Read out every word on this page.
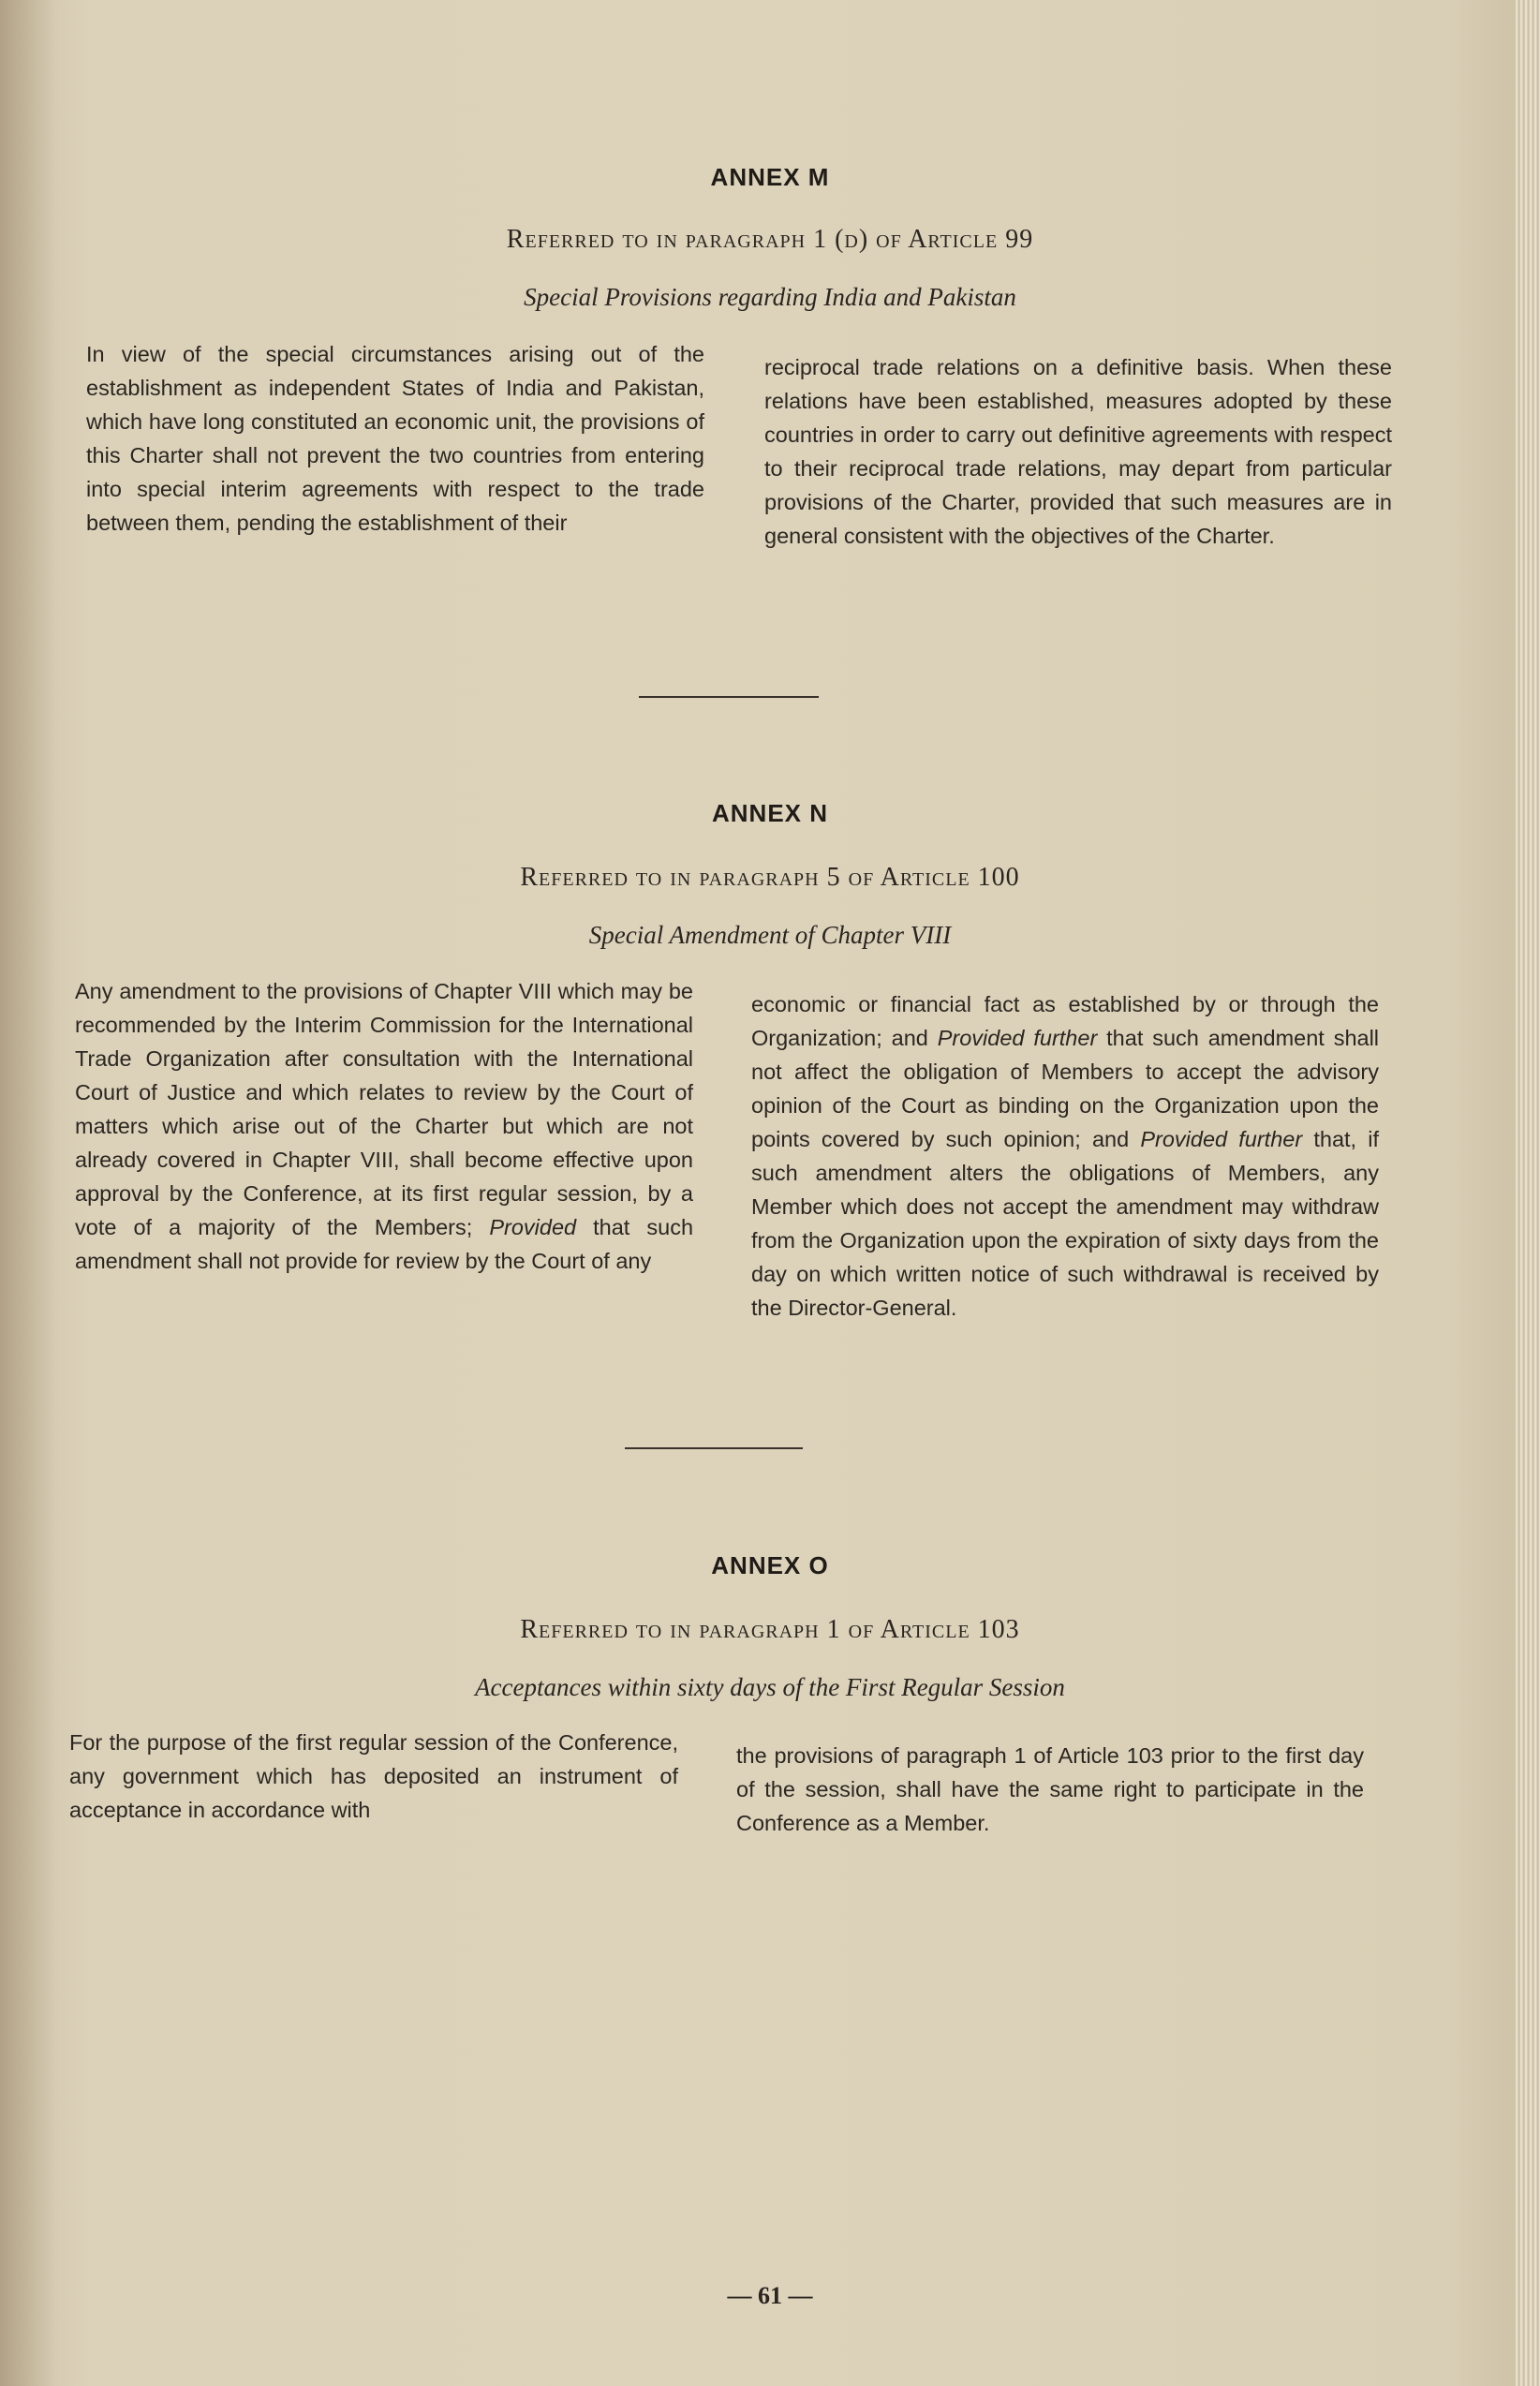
ANNEX M
Referred to in paragraph 1 (d) of Article 99
Special Provisions regarding India and Pakistan
In view of the special circumstances arising out of the establishment as independent States of India and Pakistan, which have long constituted an economic unit, the provisions of this Charter shall not prevent the two countries from entering into special interim agreements with respect to the trade between them, pending the establishment of their
reciprocal trade relations on a definitive basis. When these relations have been established, measures adopted by these countries in order to carry out definitive agreements with respect to their reciprocal trade relations, may depart from particular provisions of the Charter, provided that such measures are in general consistent with the objectives of the Charter.
ANNEX N
Referred to in paragraph 5 of Article 100
Special Amendment of Chapter VIII
Any amendment to the provisions of Chapter VIII which may be recommended by the Interim Commission for the International Trade Organization after consultation with the International Court of Justice and which relates to review by the Court of matters which arise out of the Charter but which are not already covered in Chapter VIII, shall become effective upon approval by the Conference, at its first regular session, by a vote of a majority of the Members; Provided that such amendment shall not provide for review by the Court of any
economic or financial fact as established by or through the Organization; and Provided further that such amendment shall not affect the obligation of Members to accept the advisory opinion of the Court as binding on the Organization upon the points covered by such opinion; and Provided further that, if such amendment alters the obligations of Members, any Member which does not accept the amendment may withdraw from the Organization upon the expiration of sixty days from the day on which written notice of such withdrawal is received by the Director-General.
ANNEX O
Referred to in paragraph 1 of Article 103
Acceptances within sixty days of the First Regular Session
For the purpose of the first regular session of the Conference, any government which has deposited an instrument of acceptance in accordance with
the provisions of paragraph 1 of Article 103 prior to the first day of the session, shall have the same right to participate in the Conference as a Member.
— 61 —
